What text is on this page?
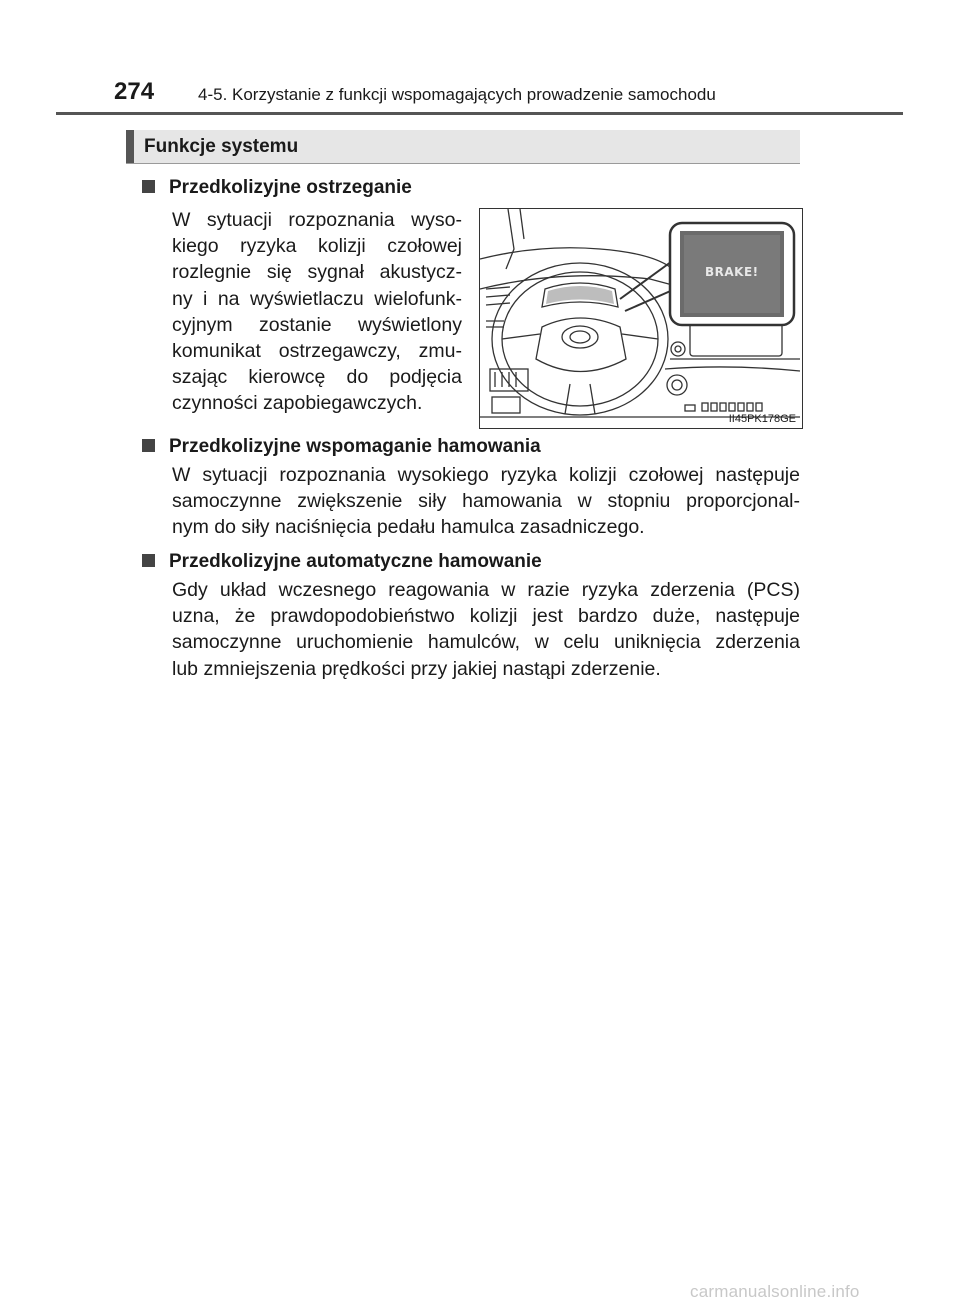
274	4-5. Korzystanie z funkcji wspomagających prowadzenie samochodu
Funkcje systemu
Przedkolizyjne ostrzeganie
W sytuacji rozpoznania wyso-
kiego ryzyka kolizji czołowej
rozlegnie się sygnał akustycz-
ny i na wyświetlaczu wielofunk-
cyjnym zostanie wyświetlony
komunikat ostrzegawczy, zmu-
szając kierowcę do podjęcia
czynności zapobiegawczych.
BRAKE!
II45PK178GE
Przedkolizyjne wspomaganie hamowania
W sytuacji rozpoznania wysokiego ryzyka kolizji czołowej następuje
samoczynne zwiększenie siły hamowania w stopniu proporcjonal-
nym do siły naciśnięcia pedału hamulca zasadniczego.
Przedkolizyjne automatyczne hamowanie
Gdy układ wczesnego reagowania w razie ryzyka zderzenia (PCS)
uzna, że prawdopodobieństwo kolizji jest bardzo duże, następuje
samoczynne uruchomienie hamulców, w celu uniknięcia zderzenia
lub zmniejszenia prędkości przy jakiej nastąpi zderzenie.
carmanualsonline.info
